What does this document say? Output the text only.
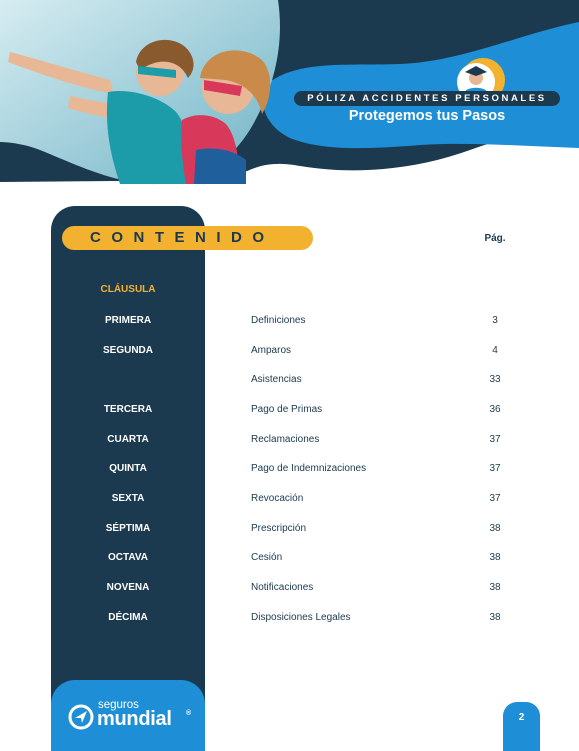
PÓLIZA ACCIDENTES PERSONALES
Protegemos tus Pasos
CONTENIDO	Pág.
CLÁUSULA
PRIMERA	Definiciones	3
SEGUNDA	Amparos	4
Asistencias	33
TERCERA	Pago de Primas	36
CUARTA	Reclamaciones	37
QUINTA	Pago de Indemnizaciones	37
SEXTA	Revocación	37
SÉPTIMA	Prescripción	38
OCTAVA	Cesión	38
NOVENA	Notificaciones	38
DÉCIMA	Disposiciones Legales	38
seguros
mundial ®	2
